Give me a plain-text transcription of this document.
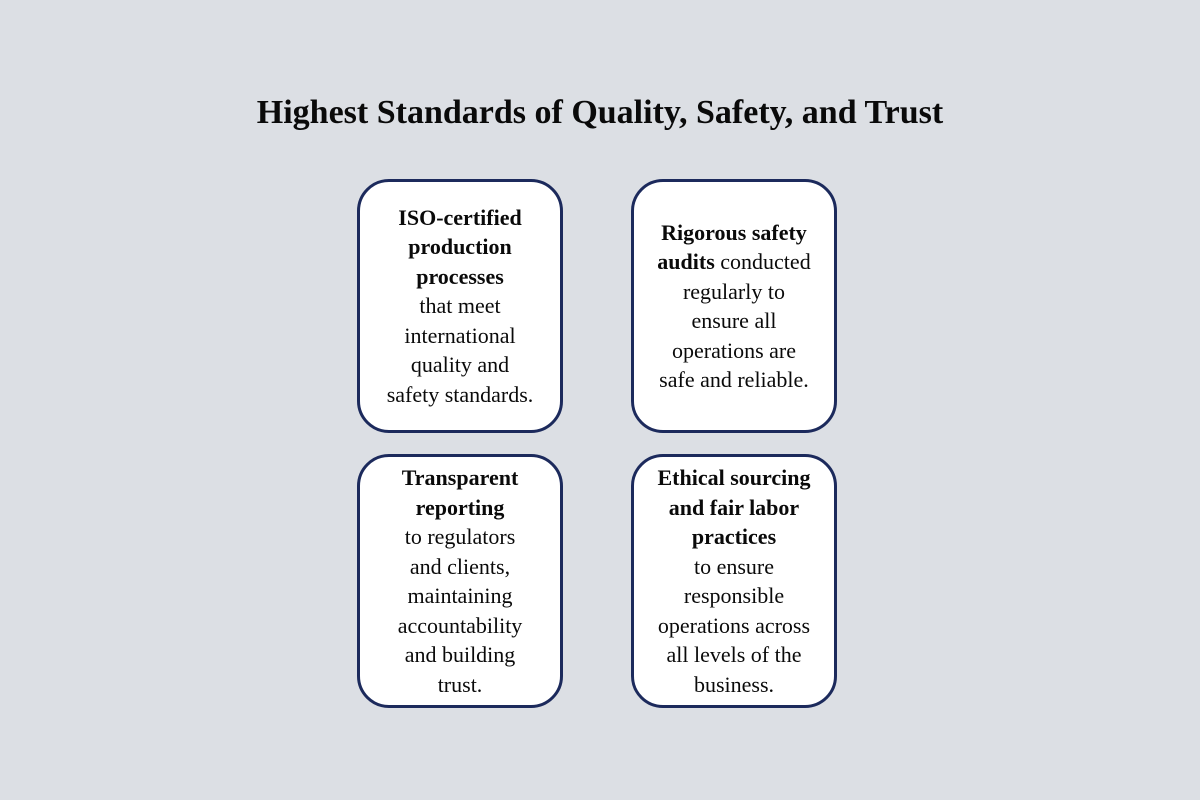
Highest Standards of Quality, Safety, and Trust
ISO-certified
production
processes
that meet
international
quality and
safety standards.
Rigorous safety
audits conducted
regularly to
ensure all
operations are
safe and reliable.
Transparent
reporting
to regulators
and clients,
maintaining
accountability
and building
trust.
Ethical sourcing
and fair labor
practices
to ensure
responsible
operations across
all levels of the
business.
